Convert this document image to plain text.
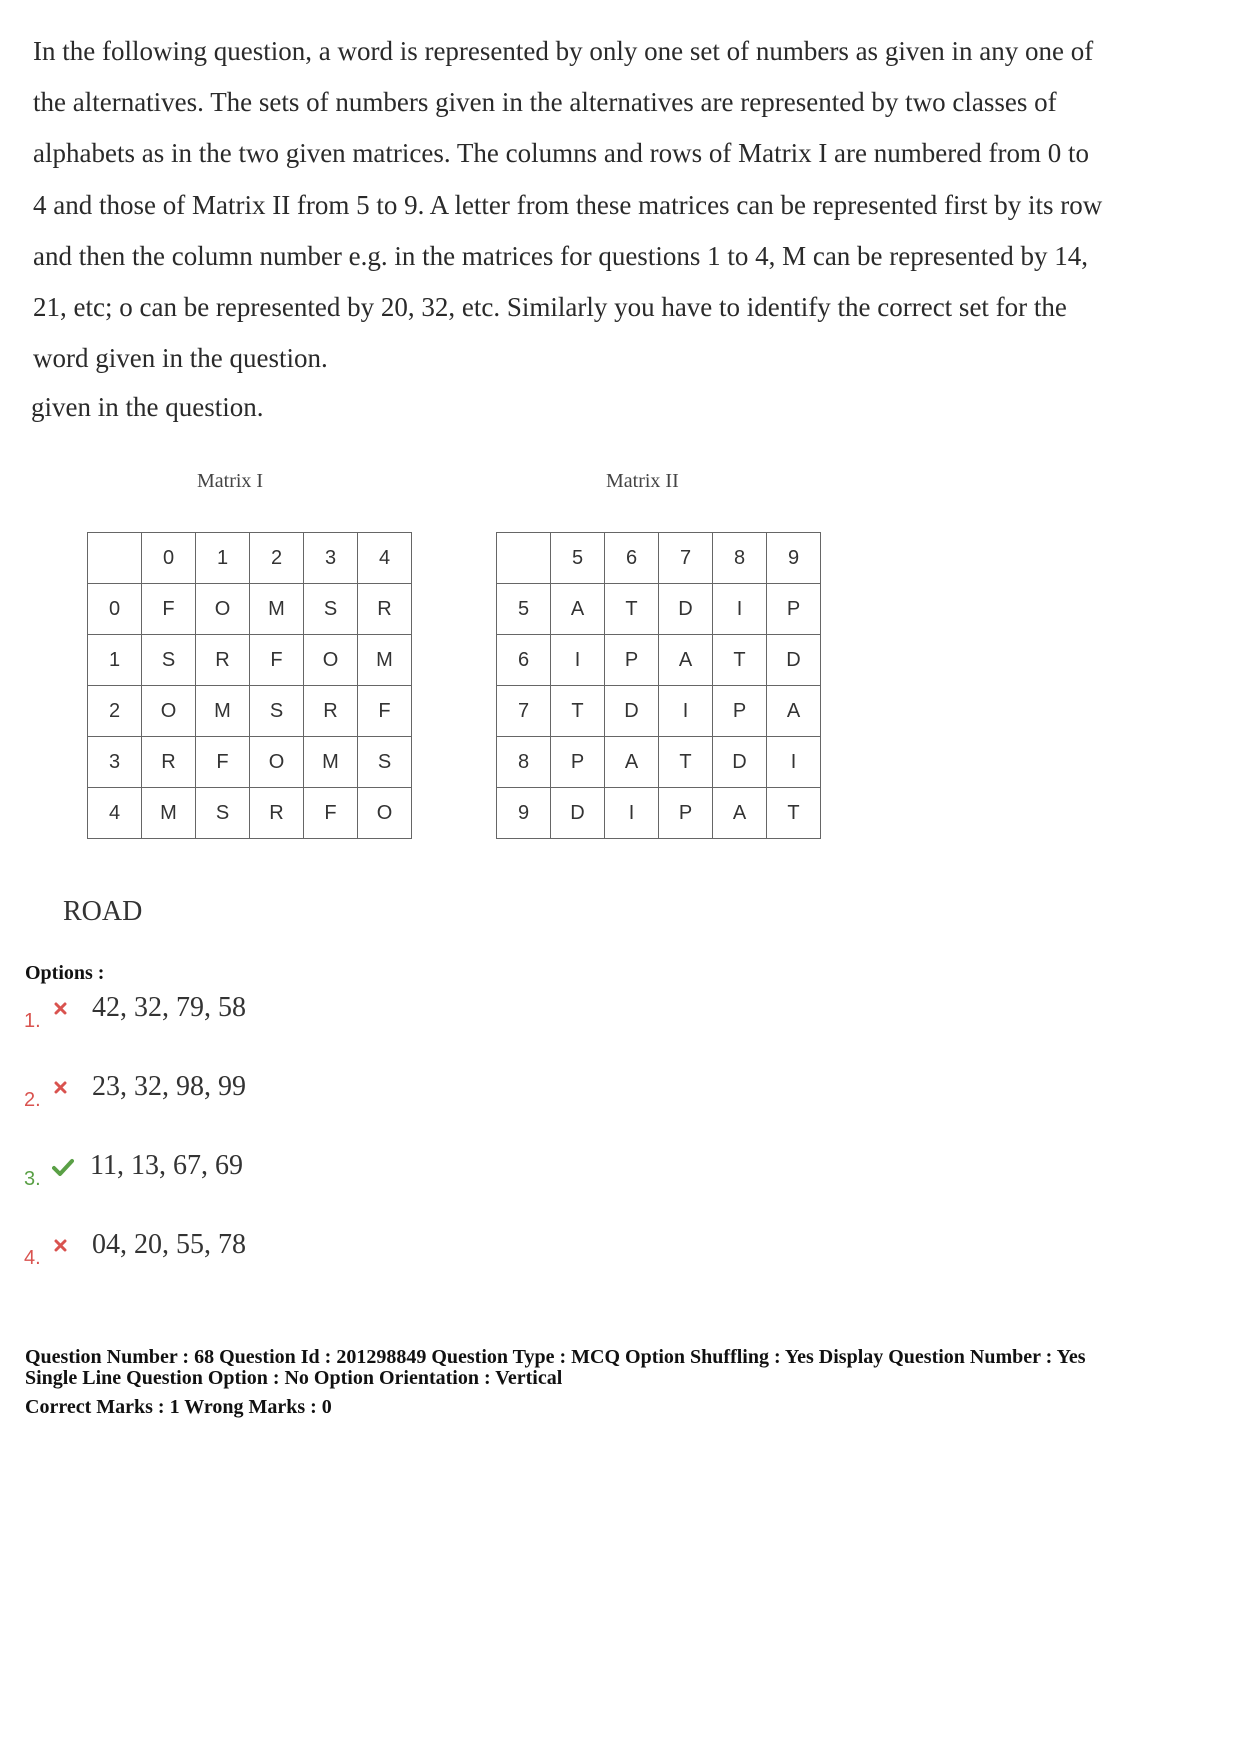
In the following question, a word is represented by only one set of numbers as given in any one of

the alternatives. The sets of numbers given in the alternatives are represented by two classes of

alphabets as in the two given matrices. The columns and rows of Matrix I are numbered from 0 to

4 and those of Matrix II from 5 to 9. A letter from these matrices can be represented first by its row

and then the column number e.g. in the matrices for questions 1 to 4, M can be represented by 14,

21, etc; o can be represented by 20, 32, etc. Similarly you have to identify the correct set for the

word given in the question.

given in the question.
Matrix I	Matrix II
	0	1	2	3	4
0	F	O	M	S	R
1	S	R	F	O	M
2	O	M	S	R	F
3	R	F	O	M	S
4	M	S	R	F	O
	5	6	7	8	9
5	A	T	D	I	P
6	I	P	A	T	D
7	T	D	I	P	A
8	P	A	T	D	I
9	D	I	P	A	T
ROAD
Options :
1. 42, 32, 79, 58
2. 23, 32, 98, 99
3. 11, 13, 67, 69
4. 04, 20, 55, 78
Question Number : 68 Question Id : 201298849 Question Type : MCQ Option Shuffling : Yes Display Question Number : Yes
Single Line Question Option : No Option Orientation : Vertical
Correct Marks : 1 Wrong Marks : 0
